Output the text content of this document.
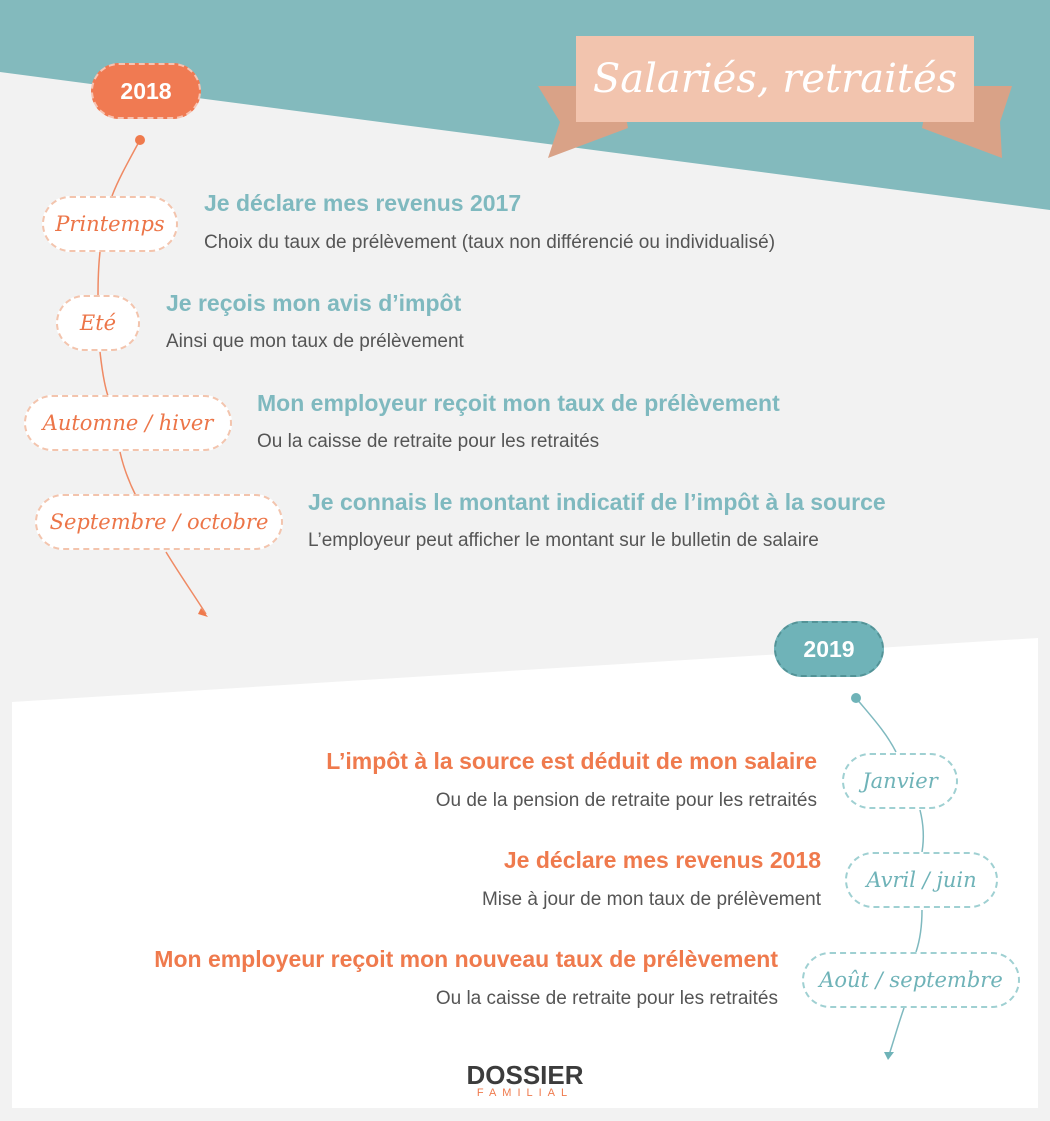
Salariés, retraités
2018
Printemps
Je déclare mes revenus 2017
Choix du taux de prélèvement (taux non différencié ou individualisé)
Eté
Je reçois mon avis d’impôt
Ainsi que mon taux de prélèvement
Automne / hiver
Mon employeur reçoit mon taux de prélèvement
Ou la caisse de retraite pour les retraités
Septembre / octobre
Je connais le montant indicatif de l’impôt à la source
L’employeur peut afficher le montant sur le bulletin de salaire
2019
Janvier
L’impôt à la source est déduit de mon salaire
Ou de la pension de retraite pour les retraités
Avril / juin
Je déclare mes revenus 2018
Mise à jour de mon taux de prélèvement
Août / septembre
Mon employeur reçoit mon nouveau taux de prélèvement
Ou la caisse de retraite pour les retraités
DOSSIER
FAMILIAL
